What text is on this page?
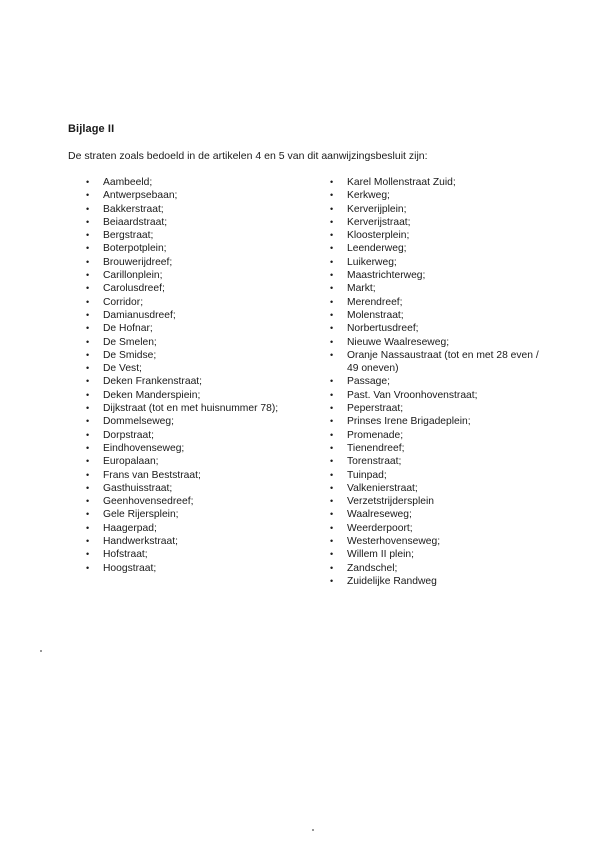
Bijlage II
De straten zoals bedoeld in de artikelen 4 en 5 van dit aanwijzingsbesluit zijn:
• Aambeeld;
• Antwerpsebaan;
• Bakkerstraat;
• Beiaardstraat;
• Bergstraat;
• Boterpotplein;
• Brouwerijdreef;
• Carillonplein;
• Carolusdreef;
• Corridor;
• Damianusdreef;
• De Hofnar;
• De Smelen;
• De Smidse;
• De Vest;
• Deken Frankenstraat;
• Deken Manderspiein;
• Dijkstraat (tot en met huisnummer 78);
• Dommelseweg;
• Dorpstraat;
• Eindhovenseweg;
• Europalaan;
• Frans van Beststraat;
• Gasthuisstraat;
• Geenhovensedreef;
• Gele Rijersplein;
• Haagerpad;
• Handwerkstraat;
• Hofstraat;
• Hoogstraat;
• Karel Mollenstraat Zuid;
• Kerkweg;
• Kerverijplein;
• Kerverijstraat;
• Kloosterplein;
• Leenderweg;
• Luikerweg;
• Maastrichterweg;
• Markt;
• Merendreef;
• Molenstraat;
• Norbertusdreef;
• Nieuwe Waalreseweg;
• Oranje Nassaustraat (tot en met 28 even / 49 oneven)
• Passage;
• Past. Van Vroonhovenstraat;
• Peperstraat;
• Prinses Irene Brigadeplein;
• Promenade;
• Tienendreef;
• Torenstraat;
• Tuinpad;
• Valkenierstraat;
• Verzetstrijdersplein
• Waalreseweg;
• Weerderpoort;
• Westerhovenseweg;
• Willem II plein;
• Zandschel;
• Zuidelijke Randweg
